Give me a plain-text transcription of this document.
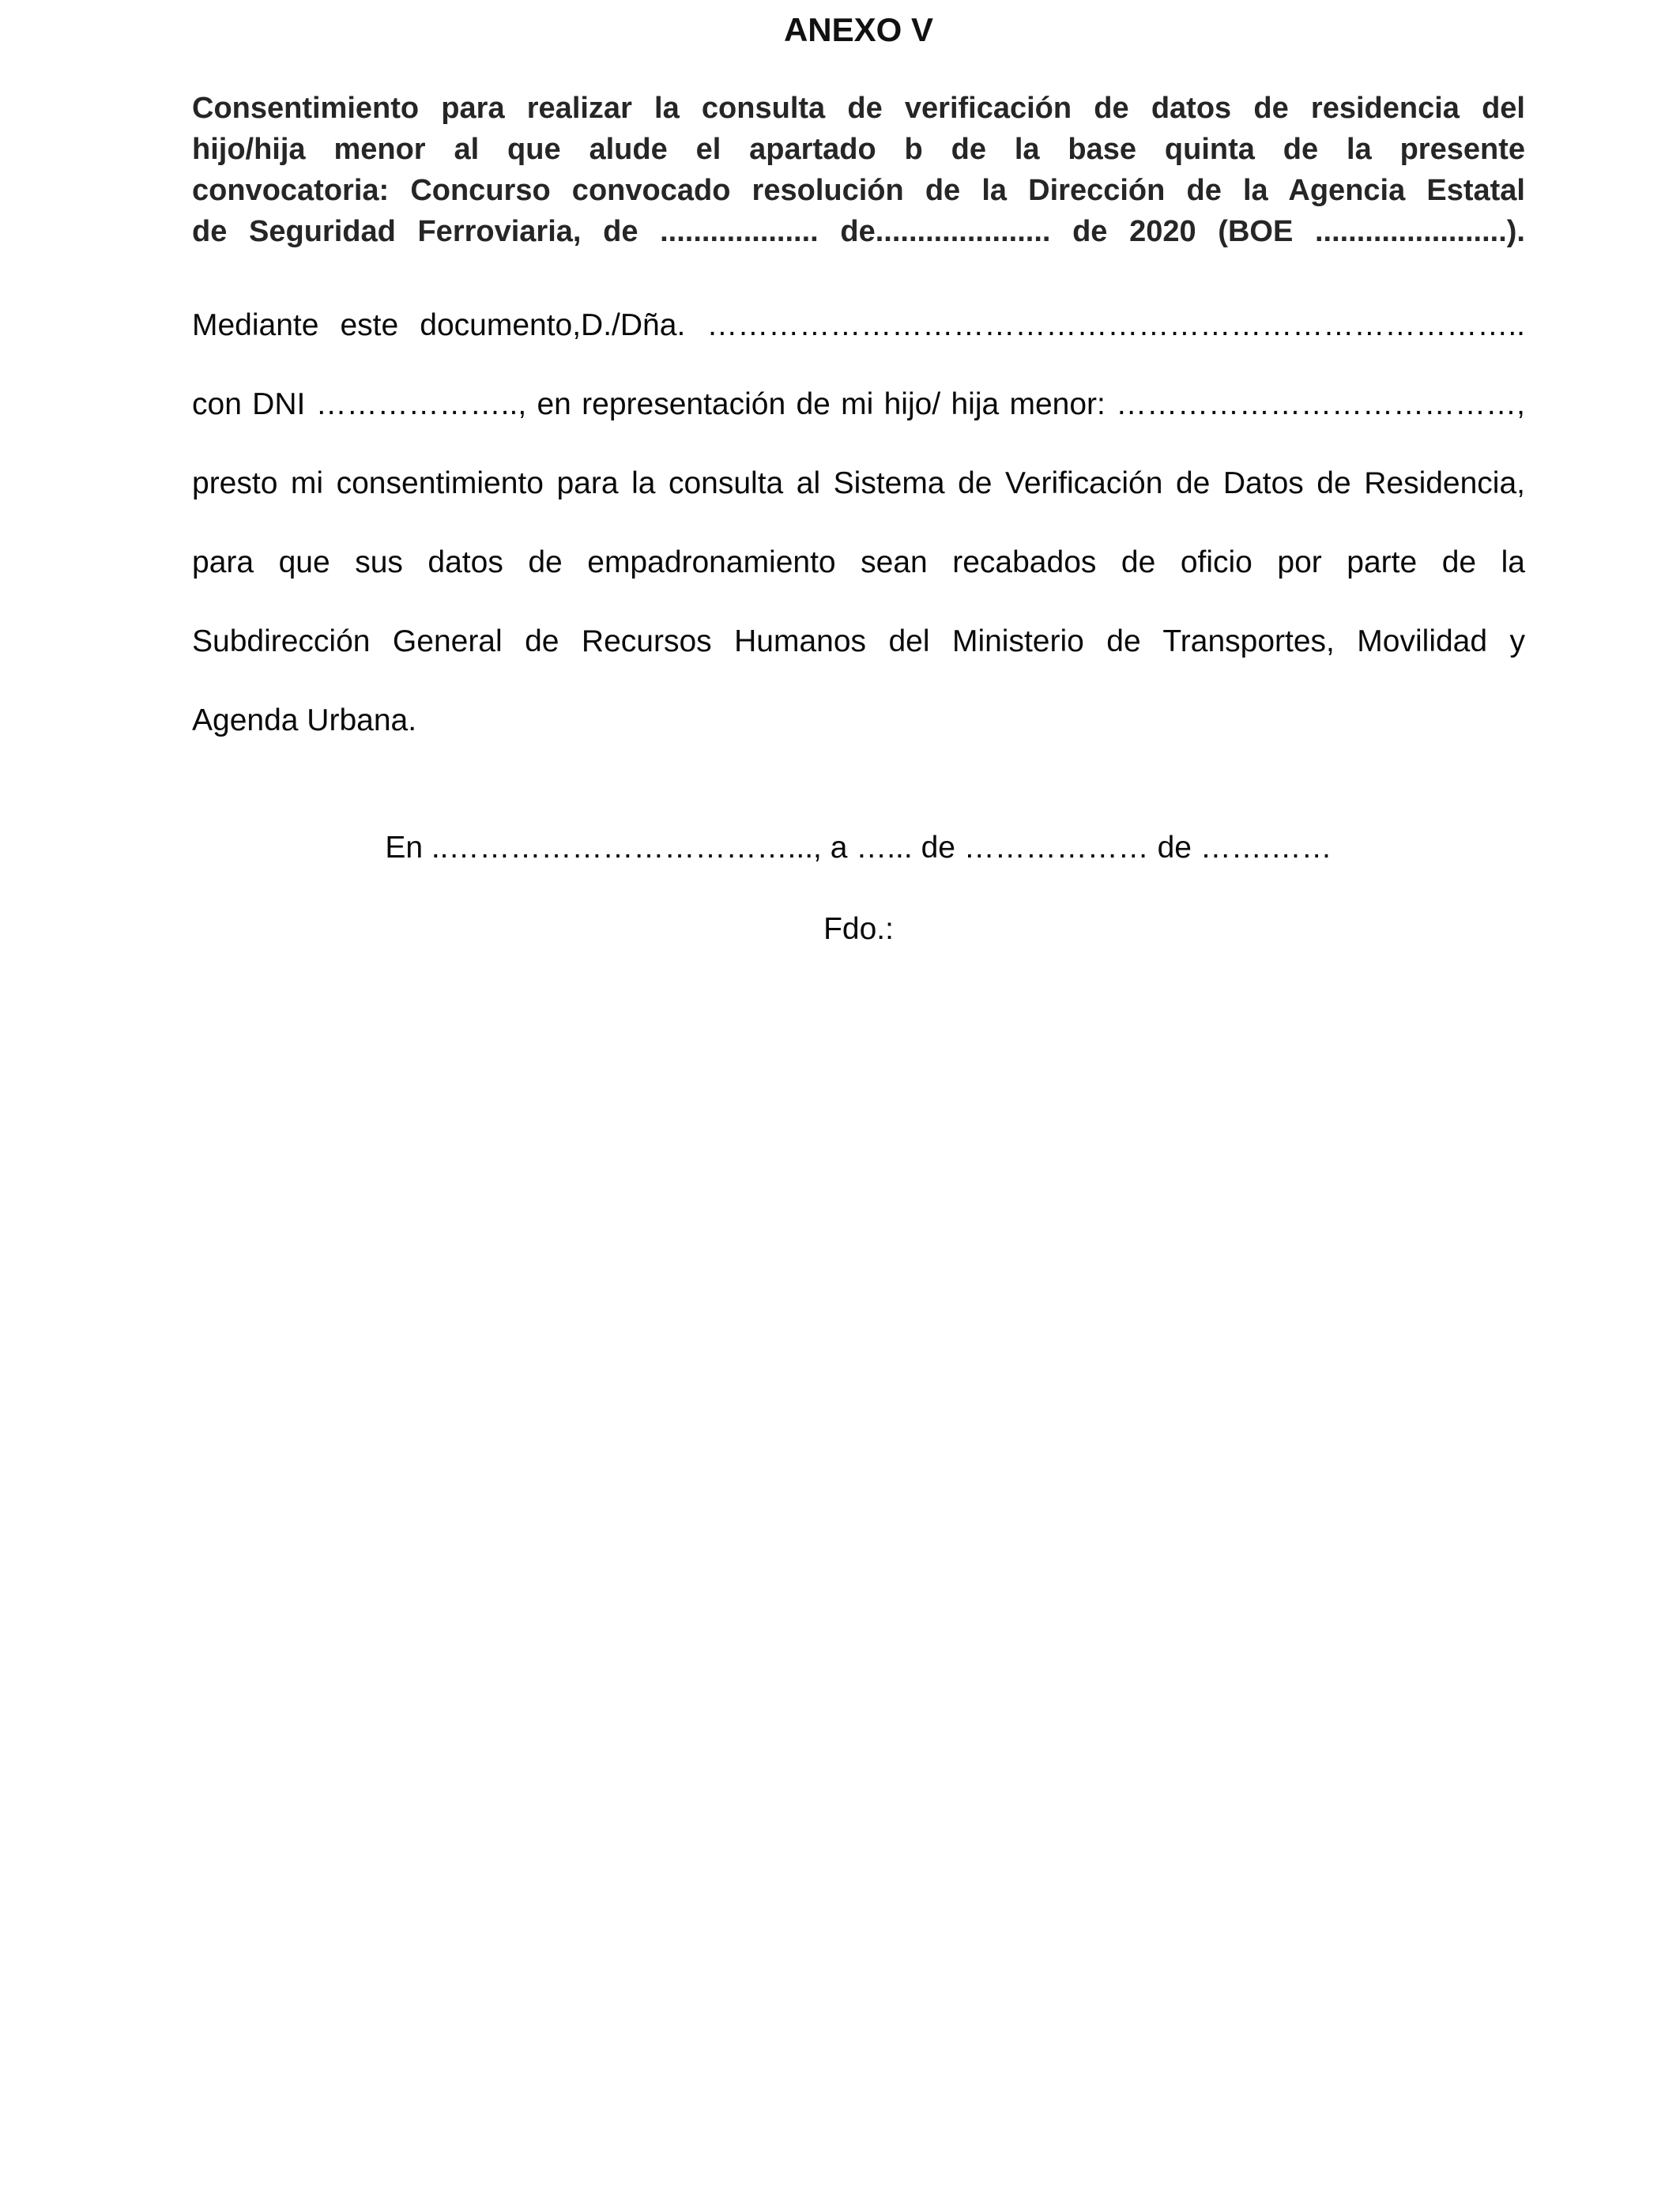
ANEXO V
Consentimiento para realizar la consulta de verificación de datos de residencia del
hijo/hija menor al que alude el apartado b de la base quinta de la presente
convocatoria: Concurso convocado resolución de la Dirección de la Agencia Estatal
de Seguridad Ferroviaria, de ................... de..................... de 2020 (BOE .......................).
Mediante este documento,D./Dña. ……………………………………………………………………..
con DNI ……………….., en representación de mi hijo/ hija menor: …………………………………,
presto mi consentimiento para la consulta al Sistema de Verificación de Datos de Residencia,
para que sus datos de empadronamiento sean recabados de oficio por parte de la
Subdirección General de Recursos Humanos del Ministerio de Transportes, Movilidad y
Agenda Urbana.
En ..……………………………..., a …... de ……………… de …….……
Fdo.:
